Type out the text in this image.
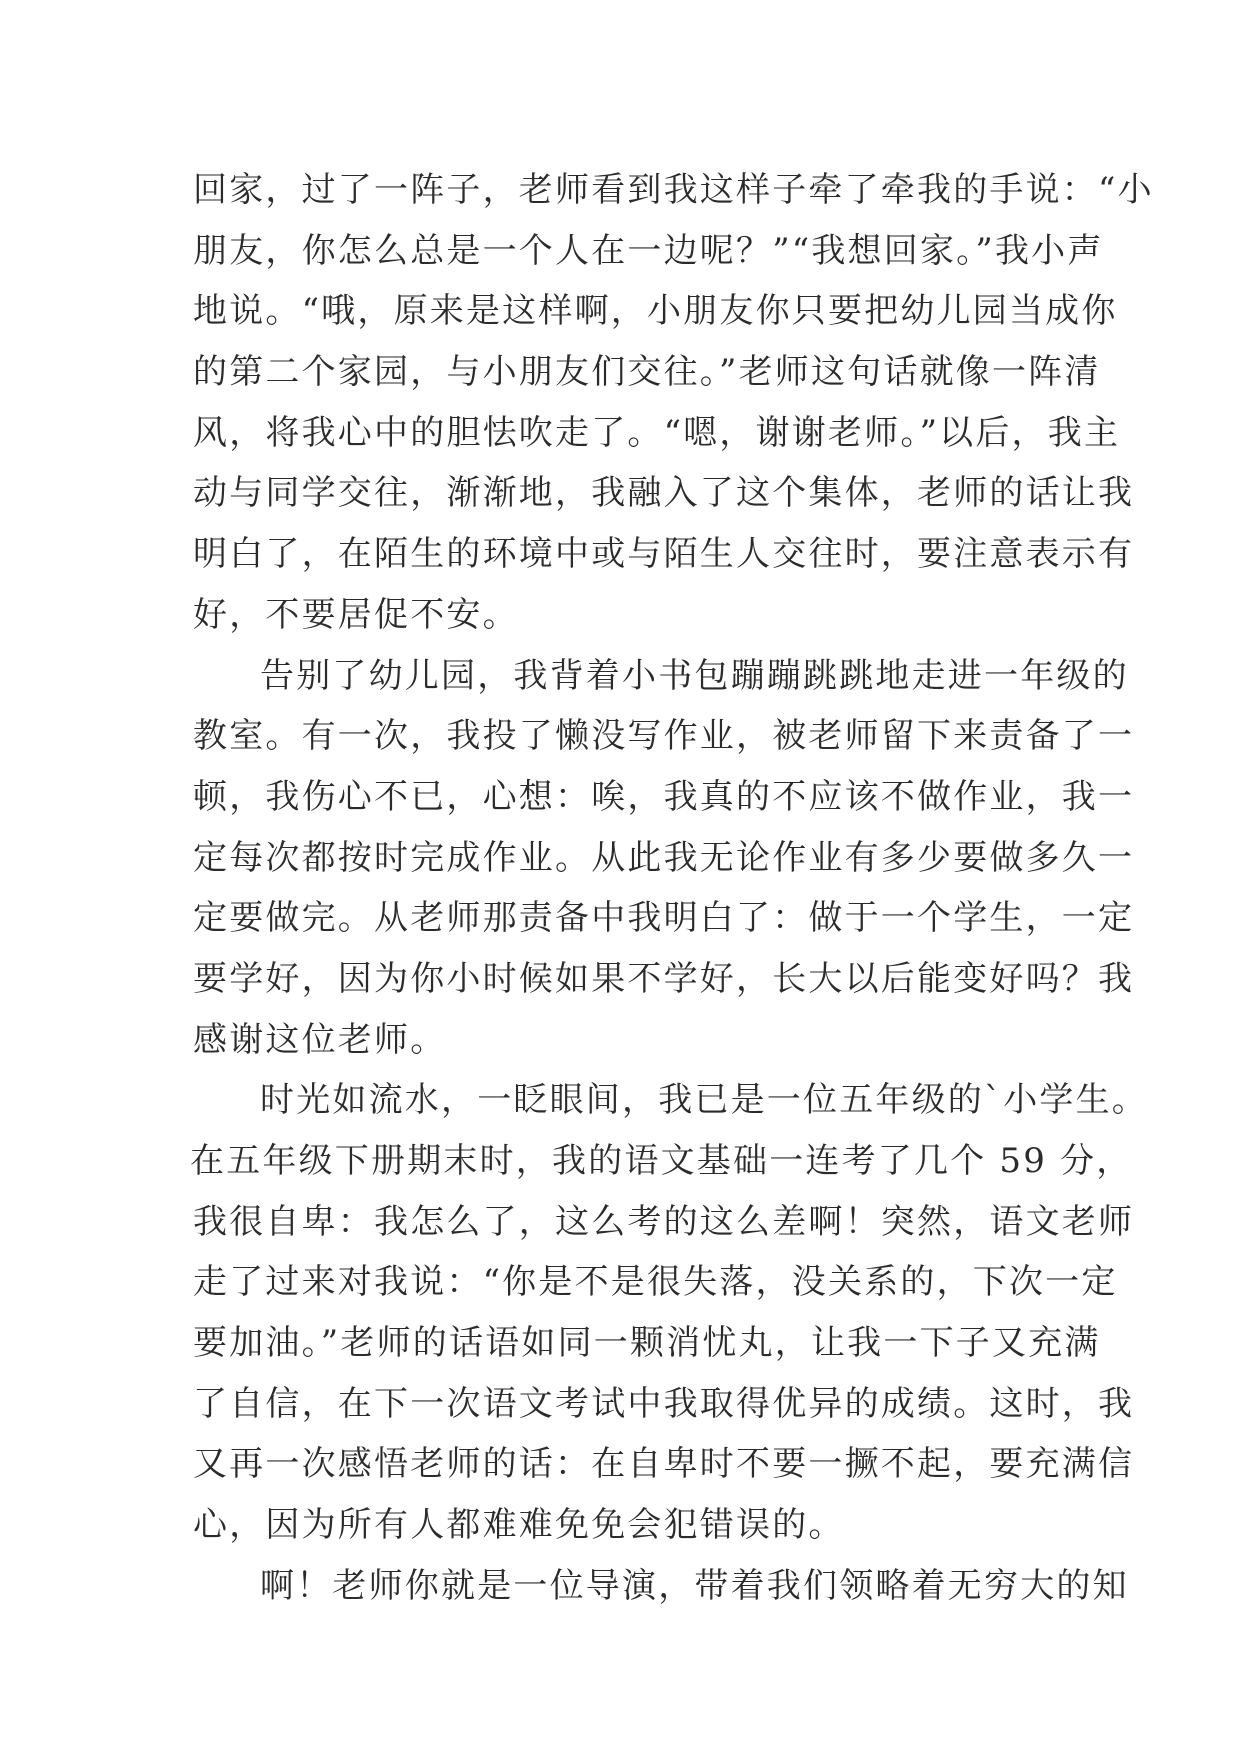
回家，过了一阵子，老师看到我这样子牵了牵我的手说：“小
朋友，你怎么总是一个人在一边呢？”“我想回家。”我小声
地说。“哦，原来是这样啊，小朋友你只要把幼儿园当成你
的第二个家园，与小朋友们交往。”老师这句话就像一阵清
风，将我心中的胆怯吹走了。“嗯，谢谢老师。”以后，我主
动与同学交往，渐渐地，我融入了这个集体，老师的话让我
明白了，在陌生的环境中或与陌生人交往时，要注意表示有
好，不要居促不安。
告别了幼儿园，我背着小书包蹦蹦跳跳地走进一年级的
教室。有一次，我投了懒没写作业，被老师留下来责备了一
顿，我伤心不已，心想：唉，我真的不应该不做作业，我一
定每次都按时完成作业。从此我无论作业有多少要做多久一
定要做完。从老师那责备中我明白了：做于一个学生，一定
要学好，因为你小时候如果不学好，长大以后能变好吗？我
感谢这位老师。
时光如流水，一眨眼间，我已是一位五年级的`小学生。
在五年级下册期末时，我的语文基础一连考了几个 59 分，
我很自卑：我怎么了，这么考的这么差啊！突然，语文老师
走了过来对我说：“你是不是很失落，没关系的，下次一定
要加油。”老师的话语如同一颗消忧丸，让我一下子又充满
了自信，在下一次语文考试中我取得优异的成绩。这时，我
又再一次感悟老师的话：在自卑时不要一撅不起，要充满信
心，因为所有人都难难免免会犯错误的。
啊！老师你就是一位导演，带着我们领略着无穷大的知
